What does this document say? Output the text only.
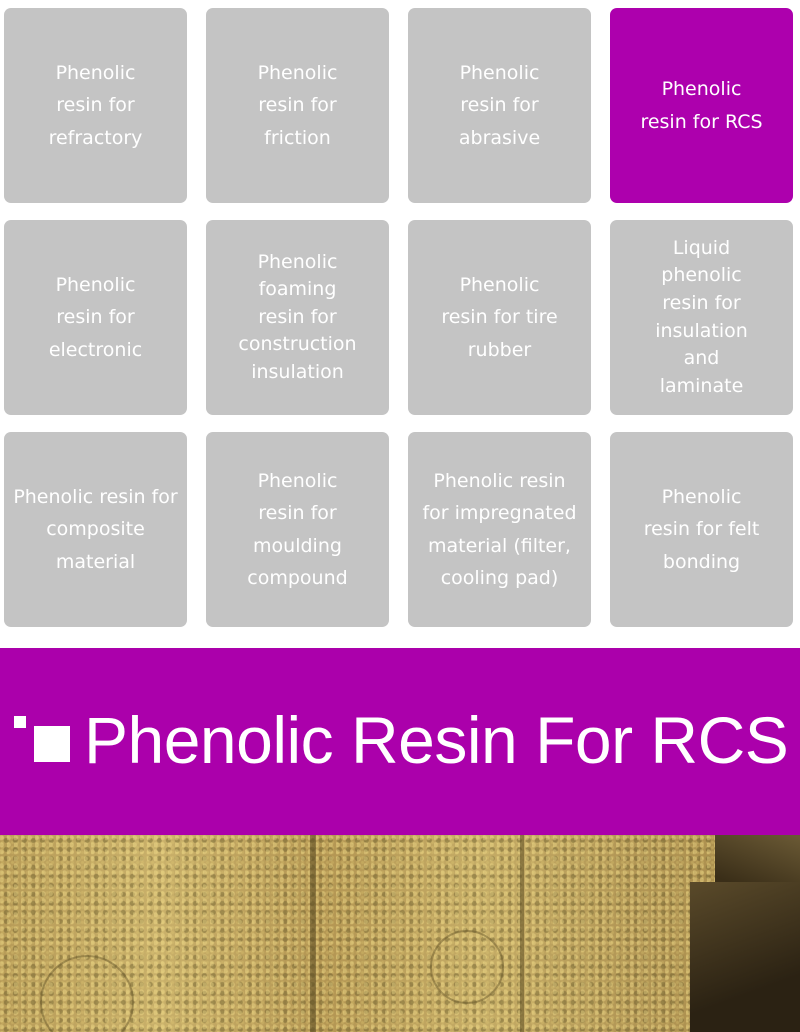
Phenolic
resin for
refractory
Phenolic
resin for
friction
Phenolic
resin for
abrasive
Phenolic
resin for RCS
Phenolic
resin for
electronic
Phenolic
foaming
resin for
construction
insulation
Phenolic
resin for tire
rubber
Liquid
phenolic
resin for
insulation
and
laminate
Phenolic resin for
composite
material
Phenolic
resin for
moulding
compound
Phenolic resin
for impregnated
material (filter,
cooling pad)
Phenolic
resin for felt
bonding
Phenolic Resin For RCS
